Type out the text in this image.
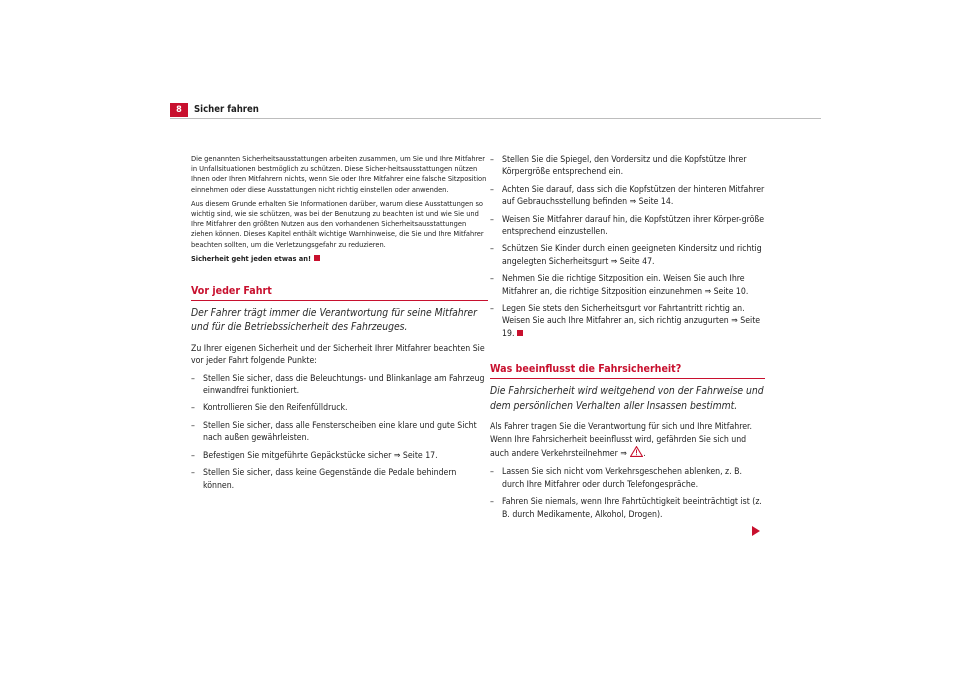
8	Sicher fahren

Die genannten Sicherheitsausstattungen arbeiten zusammen, um Sie und Ihre Mitfahrer in Unfallsituationen bestmöglich zu schützen. Diese Sicher-heitsausstattungen nützen Ihnen oder Ihren Mitfahrern nichts, wenn Sie oder Ihre Mitfahrer eine falsche Sitzposition einnehmen oder diese Ausstattungen nicht richtig einstellen oder anwenden.

Aus diesem Grunde erhalten Sie Informationen darüber, warum diese Ausstattungen so wichtig sind, wie sie schützen, was bei der Benutzung zu beachten ist und wie Sie und Ihre Mitfahrer den größten Nutzen aus den vorhandenen Sicherheitsausstattungen ziehen können. Dieses Kapitel enthält wichtige Warnhinweise, die Sie und Ihre Mitfahrer beachten sollten, um die Verletzungsgefahr zu reduzieren.

Sicherheit geht jeden etwas an!

Vor jeder Fahrt
Der Fahrer trägt immer die Verantwortung für seine Mitfahrer und für die Betriebssicherheit des Fahrzeuges.

Zu Ihrer eigenen Sicherheit und der Sicherheit Ihrer Mitfahrer beachten Sie vor jeder Fahrt folgende Punkte:

– Stellen Sie sicher, dass die Beleuchtungs- und Blinkanlage am Fahrzeug einwandfrei funktioniert.
– Kontrollieren Sie den Reifenfülldruck.
– Stellen Sie sicher, dass alle Fensterscheiben eine klare und gute Sicht nach außen gewährleisten.
– Befestigen Sie mitgeführte Gepäckstücke sicher ⇒ Seite 17.
– Stellen Sie sicher, dass keine Gegenstände die Pedale behindern können.
– Stellen Sie die Spiegel, den Vordersitz und die Kopfstütze Ihrer Körpergröße entsprechend ein.
– Achten Sie darauf, dass sich die Kopfstützen der hinteren Mitfahrer auf Gebrauchsstellung befinden ⇒ Seite 14.
– Weisen Sie Mitfahrer darauf hin, die Kopfstützen ihrer Körper-größe entsprechend einzustellen.
– Schützen Sie Kinder durch einen geeigneten Kindersitz und richtig angelegten Sicherheitsgurt ⇒ Seite 47.
– Nehmen Sie die richtige Sitzposition ein. Weisen Sie auch Ihre Mitfahrer an, die richtige Sitzposition einzunehmen ⇒ Seite 10.
– Legen Sie stets den Sicherheitsgurt vor Fahrtantritt richtig an. Weisen Sie auch Ihre Mitfahrer an, sich richtig anzugurten ⇒ Seite 19.
Was beeinflusst die Fahrsicherheit?
Die Fahrsicherheit wird weitgehend von der Fahrweise und dem persönlichen Verhalten aller Insassen bestimmt.

Als Fahrer tragen Sie die Verantwortung für sich und Ihre Mitfahrer. Wenn Ihre Fahrsicherheit beeinflusst wird, gefährden Sie sich und auch andere Verkehrsteilnehmer ⇒ .

– Lassen Sie sich nicht vom Verkehrsgeschehen ablenken, z. B. durch Ihre Mitfahrer oder durch Telefongespräche.
– Fahren Sie niemals, wenn Ihre Fahrtüchtigkeit beeinträchtigt ist (z. B. durch Medikamente, Alkohol, Drogen).
